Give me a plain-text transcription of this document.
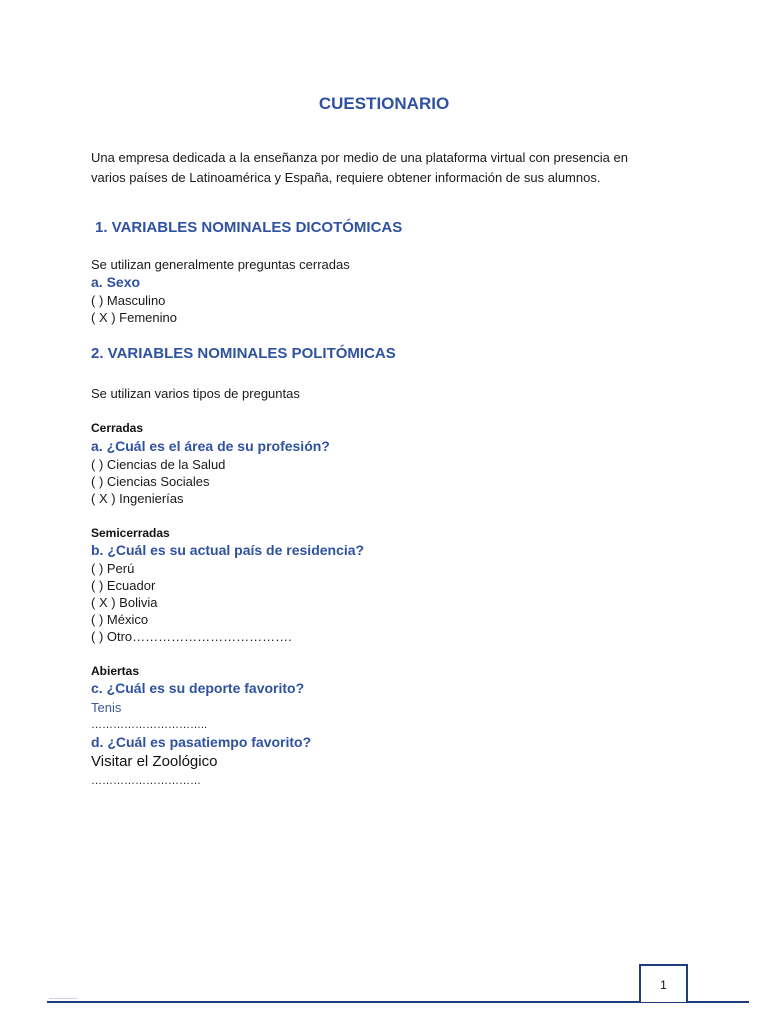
CUESTIONARIO
Una empresa dedicada a la enseñanza por medio de una plataforma virtual con presencia en
varios países de Latinoamérica y España, requiere obtener información de sus alumnos.
1. VARIABLES NOMINALES DICOTÓMICAS
Se utilizan generalmente preguntas cerradas
a. Sexo
( ) Masculino
( X ) Femenino
2. VARIABLES NOMINALES POLITÓMICAS
Se utilizan varios tipos de preguntas
Cerradas
a. ¿Cuál es el área de su profesión?
( ) Ciencias de la Salud
( ) Ciencias Sociales
( X ) Ingenierías
Semicerradas
b. ¿Cuál es su actual país de residencia?
( ) Perú
( ) Ecuador
( X ) Bolivia
( ) México
( ) Otro……………………………….
Abiertas
c. ¿Cuál es su deporte favorito?
Tenis
…………………………..
d. ¿Cuál es pasatiempo favorito?
Visitar el Zoológico
…………………………
1
